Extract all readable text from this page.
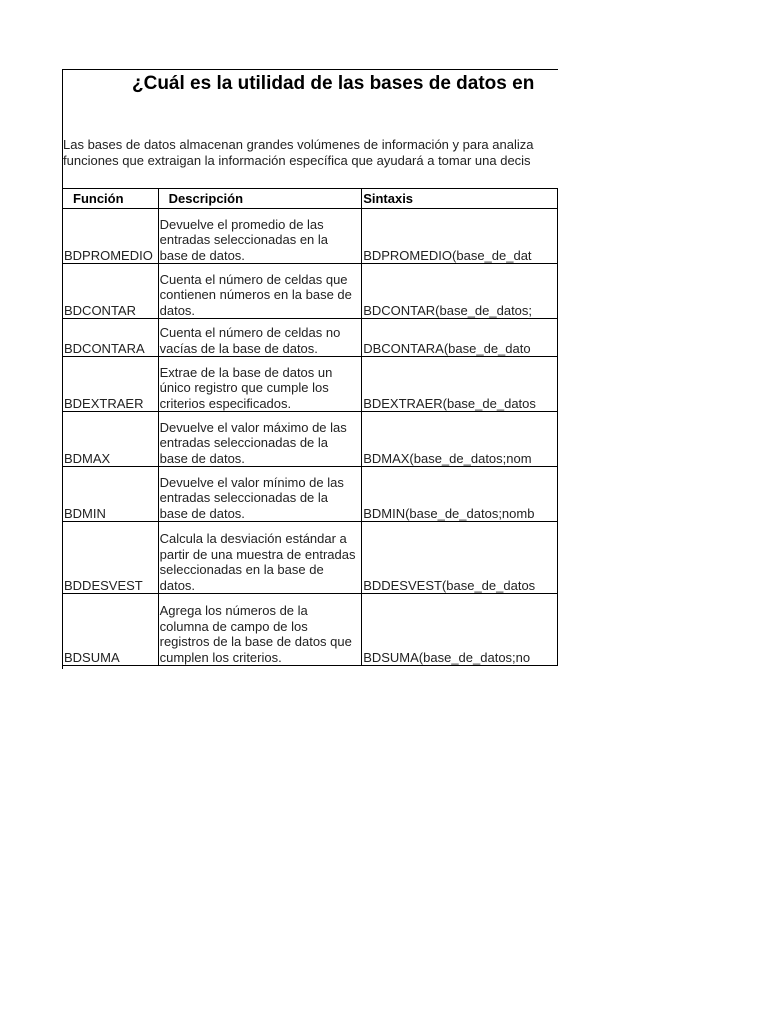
¿Cuál es la utilidad de las bases de datos en
Las bases de datos almacenan grandes volúmenes de información y para analiza
funciones que extraigan la información específica que ayudará a tomar una decis
Función	Descripción	Sintaxis
BDPROMEDIO	Devuelve el promedio de las
entradas seleccionadas en la
base de datos.	BDPROMEDIO(base_de_dat
BDCONTAR	Cuenta el número de celdas que
contienen números en la base de
datos.	BDCONTAR(base_de_datos;
BDCONTARA	Cuenta el número de celdas no
vacías de la base de datos.	DBCONTARA(base_de_dato
BDEXTRAER	Extrae de la base de datos un
único registro que cumple los
criterios especificados.	BDEXTRAER(base_de_datos
BDMAX	Devuelve el valor máximo de las
entradas seleccionadas de la
base de datos.	BDMAX(base_de_datos;nom
BDMIN	Devuelve el valor mínimo de las
entradas seleccionadas de la
base de datos.	BDMIN(base_de_datos;nomb
BDDESVEST	Calcula la desviación estándar a
partir de una muestra de entradas
seleccionadas en la base de
datos.	BDDESVEST(base_de_datos
BDSUMA	Agrega los números de la
columna de campo de los
registros de la base de datos que
cumplen los criterios.	BDSUMA(base_de_datos;no
